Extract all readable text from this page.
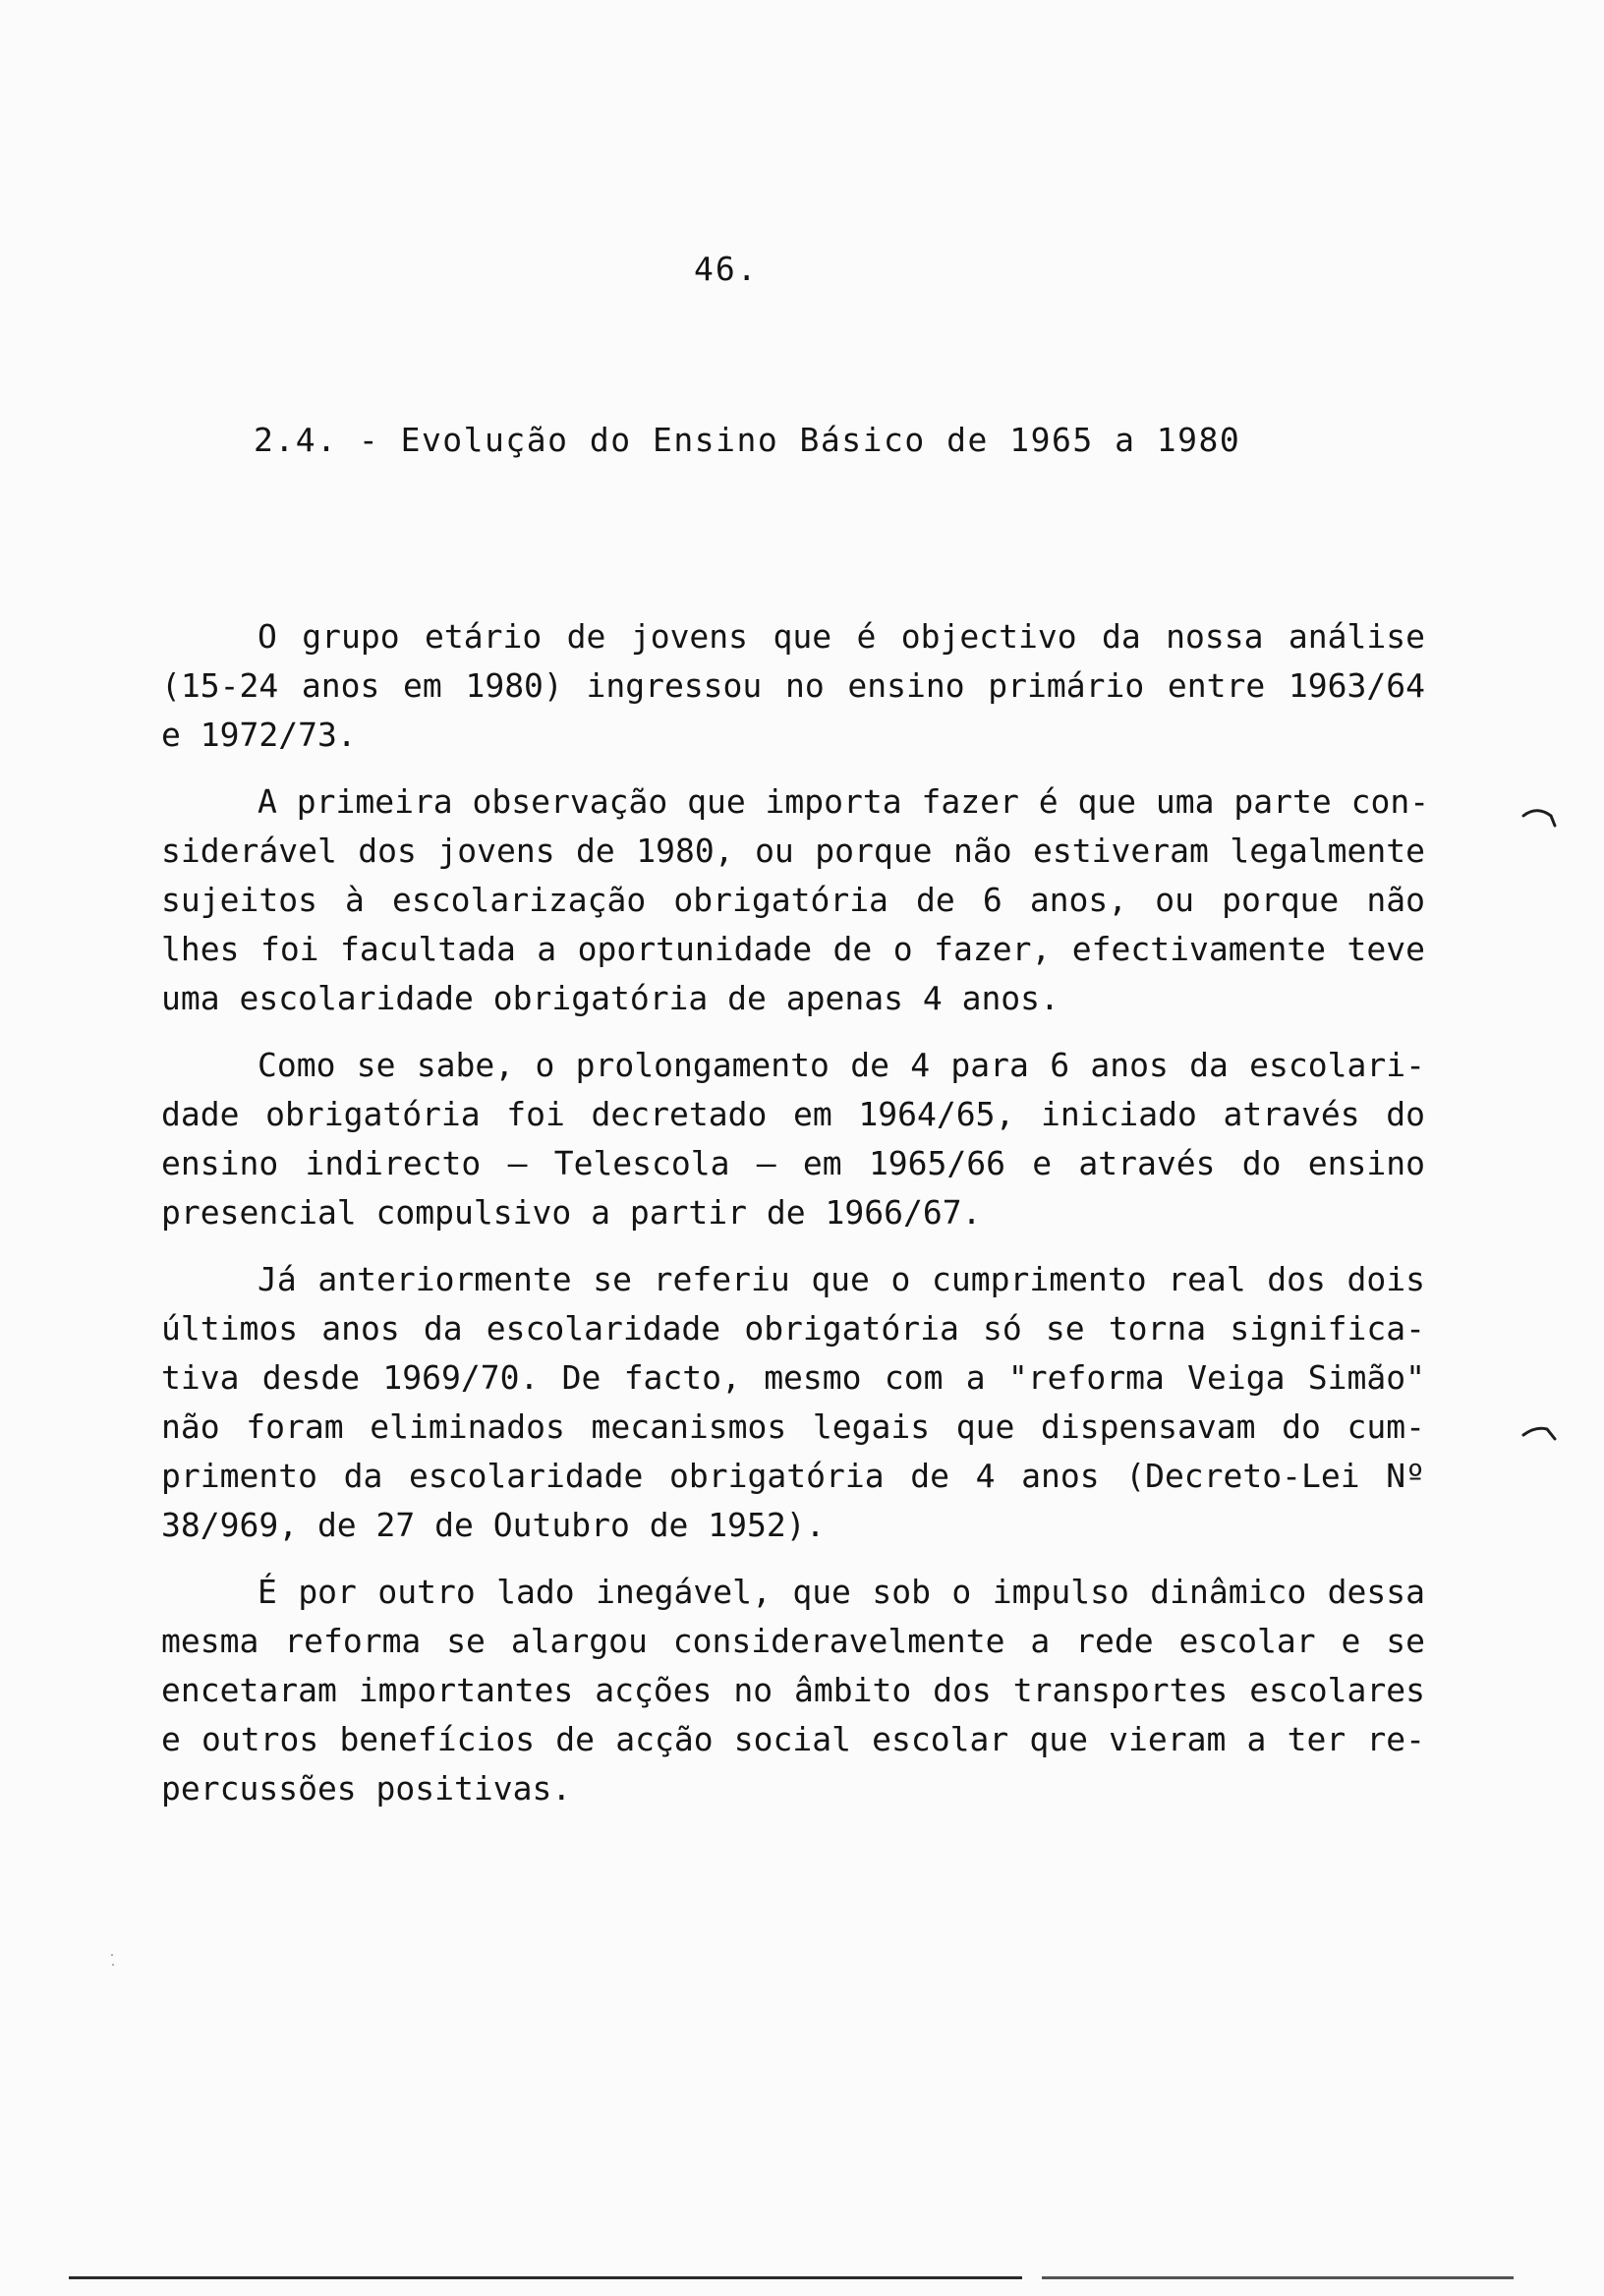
46.
2.4. - Evolução do Ensino Básico de 1965 a 1980
O grupo etário de jovens que é objectivo da nossa análise
(15-24 anos em 1980) ingressou no ensino primário entre 1963/64
e 1972/73.
A primeira observação que importa fazer é que uma parte con-
siderável dos jovens de 1980, ou porque não estiveram legalmente
sujeitos à escolarização obrigatória de 6 anos, ou porque não
lhes foi facultada a oportunidade de o fazer, efectivamente teve
uma escolaridade obrigatória de apenas 4 anos.
Como se sabe, o prolongamento de 4 para 6 anos da escolari-
dade obrigatória foi decretado em 1964/65, iniciado através do
ensino indirecto — Telescola — em 1965/66 e através do ensino
presencial compulsivo a partir de 1966/67.
Já anteriormente se referiu que o cumprimento real dos dois
últimos anos da escolaridade obrigatória só se torna significa-
tiva desde 1969/70. De facto, mesmo com a "reforma Veiga Simão"
não foram eliminados mecanismos legais que dispensavam do cum-
primento da escolaridade obrigatória de 4 anos (Decreto-Lei Nº
38/969, de 27 de Outubro de 1952).
É por outro lado inegável, que sob o impulso dinâmico dessa
mesma reforma se alargou consideravelmente a rede escolar e se
encetaram importantes acções no âmbito dos transportes escolares
e outros benefícios de acção social escolar que vieram a ter re-
percussões positivas.
